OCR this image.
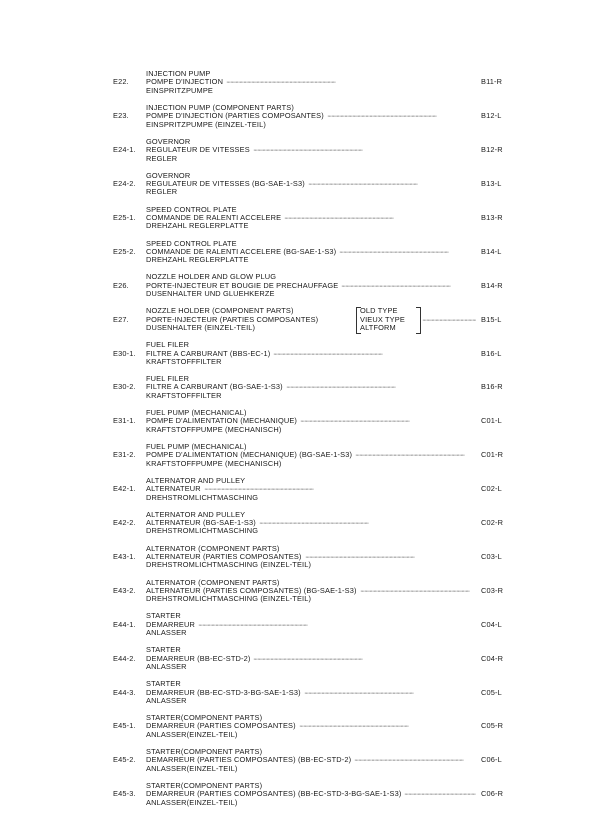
INJECTION PUMP
POMPE D'INJECTION
EINSPRITZPUMPE
E22. · · ·	B11-R
INJECTION PUMP (COMPONENT PARTS)
POMPE D'INJECTION (PARTIES COMPOSANTES)
EINSPRITZPUMPE (EINZEL-TEIL)
E23. · · ·	B12-L
GOVERNOR
REGULATEUR DE VITESSES
REGLER
E24-1. · · ·	B12-R
GOVERNOR
REGULATEUR DE VITESSES (BG-SAE-1-S3)
REGLER
E24-2. · · ·	B13-L
SPEED CONTROL PLATE
COMMANDE DE RALENTI ACCELERE
DREHZAHL REGLERPLATTE
E25-1. · · ·	B13-R
SPEED CONTROL PLATE
COMMANDE DE RALENTI ACCELERE (BG-SAE-1-S3)
DREHZAHL REGLERPLATTE
E25-2. · · ·	B14-L
NOZZLE HOLDER AND GLOW PLUG
PORTE-INJECTEUR ET BOUGIE DE PRECHAUFFAGE
DUSENHALTER UND GLUEHKERZE
E26. · · ·	B14-R
NOZZLE HOLDER (COMPONENT PARTS)
PORTE-INJECTEUR (PARTIES COMPOSANTES)
DUSENHALTER (EINZEL-TEIL)
E27. · · ·	B15-L
OLD TYPE
VIEUX TYPE
ALTFORM
FUEL FILER
FILTRE A CARBURANT (BBS-EC-1)
KRAFTSTOFFFILTER
E30-1. · · ·	B16-L
FUEL FILER
FILTRE A CARBURANT (BG-SAE-1-S3)
KRAFTSTOFFFILTER
E30-2. · · ·	B16-R
FUEL PUMP (MECHANICAL)
POMPE D'ALIMENTATION (MECHANIQUE)
KRAFTSTOFFPUMPE (MECHANISCH)
E31-1. · · ·	C01-L
FUEL PUMP (MECHANICAL)
POMPE D'ALIMENTATION (MECHANIQUE) (BG-SAE-1-S3)
KRAFTSTOFFPUMPE (MECHANISCH)
E31-2. · · ·	C01-R
ALTERNATOR AND PULLEY
ALTERNATEUR
DREHSTROMLICHTMASCHING
E42-1. · · ·	C02-L
ALTERNATOR AND PULLEY
ALTERNATEUR (BG-SAE-1-S3)
DREHSTROMLICHTMASCHING
E42-2. · · ·	C02-R
ALTERNATOR (COMPONENT PARTS)
ALTERNATEUR (PARTIES COMPOSANTES)
DREHSTROMLICHTMASCHING (EINZEL-TEIL)
E43-1. · · ·	C03-L
ALTERNATOR (COMPONENT PARTS)
ALTERNATEUR (PARTIES COMPOSANTES) (BG-SAE-1-S3)
DREHSTROMLICHTMASCHING (EINZEL-TEIL)
E43-2. · · ·	C03-R
STARTER
DEMARREUR
ANLASSER
E44-1. · · ·	C04-L
STARTER
DEMARREUR (BB-EC-STD-2)
ANLASSER
E44-2. · · ·	C04-R
STARTER
DEMARREUR (BB-EC-STD-3-BG-SAE-1-S3)
ANLASSER
E44-3. · · ·	C05-L
STARTER(COMPONENT PARTS)
DEMARREUR (PARTIES COMPOSANTES)
ANLASSER(EINZEL-TEIL)
E45-1. · · ·	C05-R
STARTER(COMPONENT PARTS)
DEMARREUR (PARTIES COMPOSANTES) (BB-EC-STD-2)
ANLASSER(EINZEL-TEIL)
E45-2. · · ·	C06-L
STARTER(COMPONENT PARTS)
DEMARREUR (PARTIES COMPOSANTES) (BB-EC-STD-3-BG-SAE-1-S3)
ANLASSER(EINZEL-TEIL)
E45-3. · · ·	C06-R
